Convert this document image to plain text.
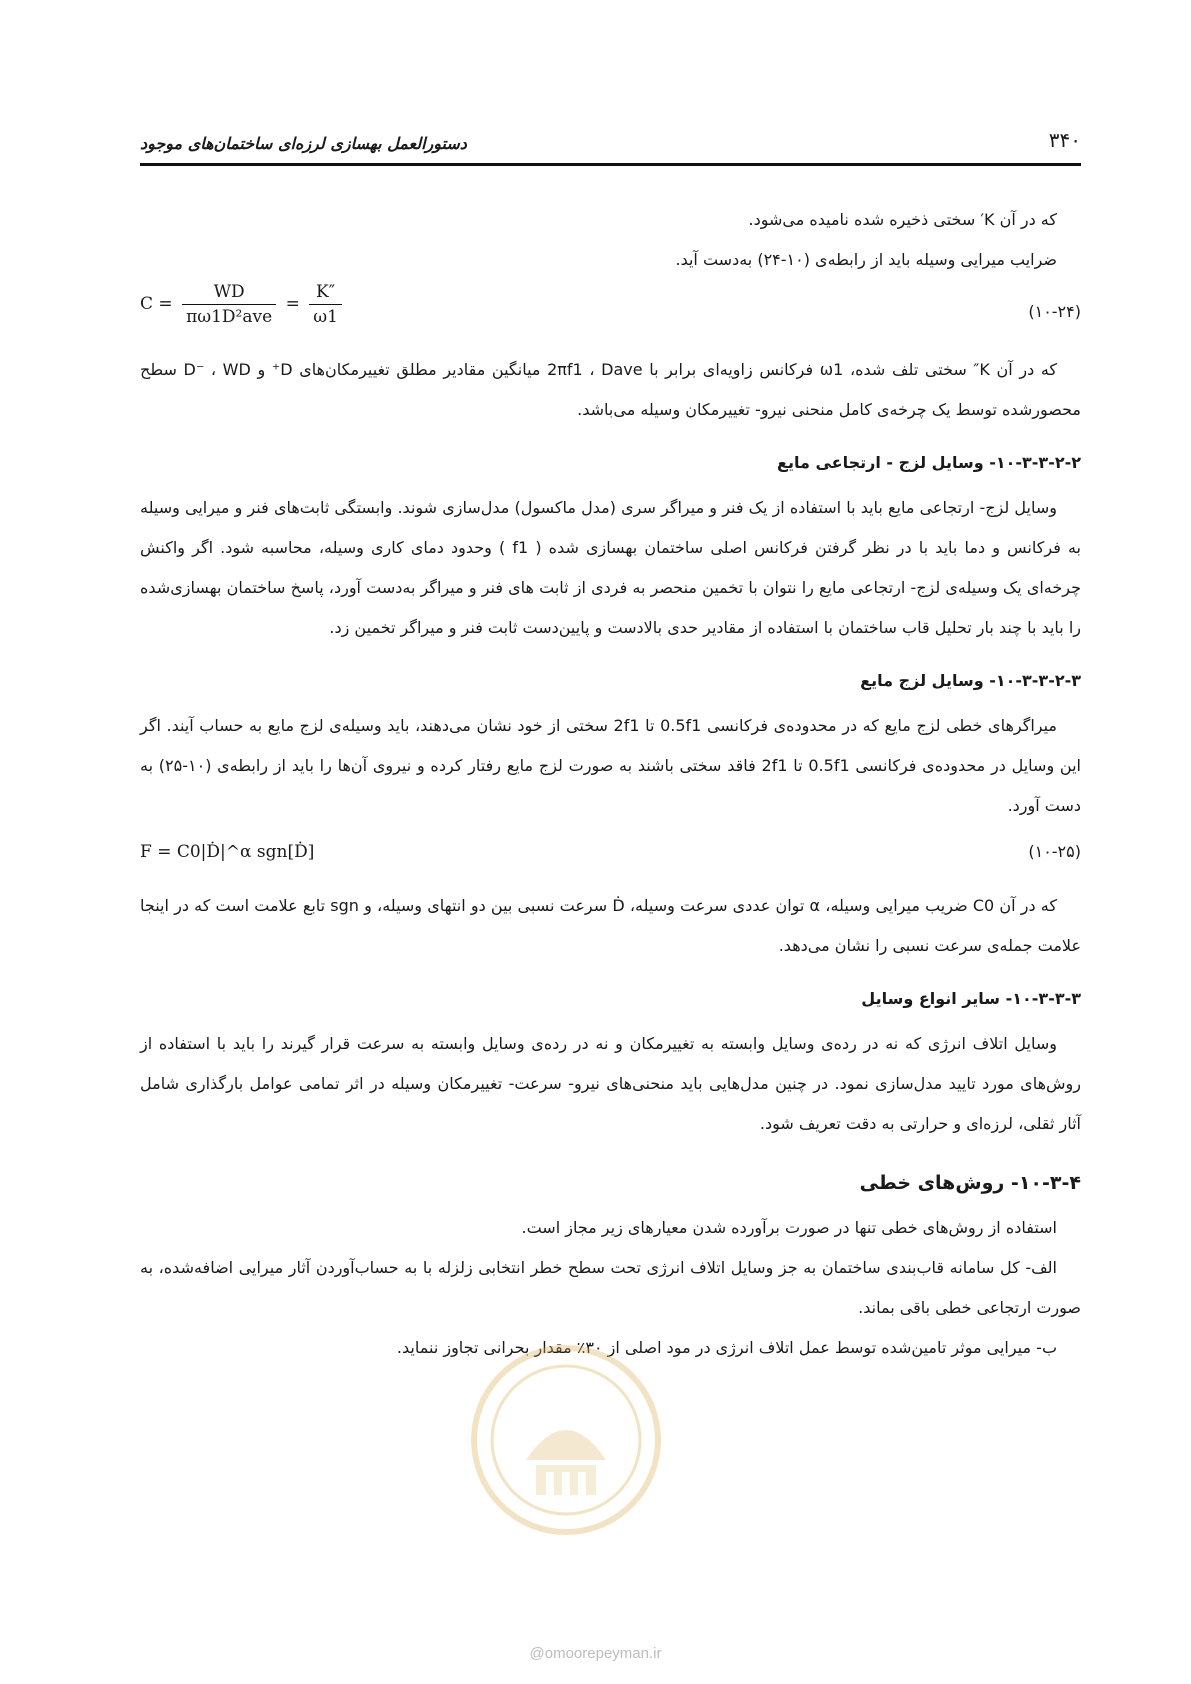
۳۴۰
دستورالعمل بهسازی لرزه‌ای ساختمان‌های موجود

که در آن K′ سختی ذخیره شده نامیده می‌شود.

ضرایب میرایی وسیله باید از رابطه‌ی (۱۰-۲۴) به‌دست آید.

(۱۰-۲۴)
$C = \frac{WD}{\text{πω1D²ave}} = \frac{K''}{\omega 1}$

که در آن K″ سختی تلف شده، ω1 فرکانس زاویه‌ای برابر با 2πf1 ، Dave میانگین مقادیر مطلق تغییرمکان‌های D⁺ و D⁻ ، WD سطح محصورشده توسط یک چرخه‌ی کامل منحنی نیرو- تغییرمکان وسیله می‌باشد.

۱۰-۳-۳-۲-۲- وسایل لزج - ارتجاعی مایع

وسایل لزج- ارتجاعی مایع باید با استفاده از یک فنر و میراگر سری (مدل ماکسول) مدل‌سازی شوند. وابستگی ثابت‌های فنر و میرایی وسیله به فرکانس و دما باید با در نظر گرفتن فرکانس اصلی ساختمان بهسازی شده ( f1 ) وحدود دمای کاری وسیله، محاسبه شود. اگر واکنش چرخه‌ای یک وسیله‌ی لزج- ارتجاعی مایع را نتوان با تخمین منحصر به فردی از ثابت های فنر و میراگر به‌دست آورد، پاسخ ساختمان بهسازی‌شده را باید با چند بار تحلیل قاب ساختمان با استفاده از مقادیر حدی بالادست و پایین‌دست ثابت فنر و میراگر تخمین زد.

۱۰-۳-۳-۲-۳- وسایل لزج مایع

میراگرهای خطی لزج مایع که در محدوده‌ی فرکانسی 0.5f1 تا 2f1 سختی از خود نشان می‌دهند، باید وسیله‌ی لزج مایع به حساب آیند. اگر این وسایل در محدوده‌ی فرکانسی 0.5f1 تا 2f1 فاقد سختی باشند به صورت لزج مایع رفتار کرده و نیروی آن‌ها را باید از رابطه‌ی (۱۰-۲۵) به دست آورد.

(۱۰-۲۵)
F = C0|Ḋ|^α sgn[Ḋ]

که در آن C0 ضریب میرایی وسیله، α توان عددی سرعت وسیله، Ḋ سرعت نسبی بین دو انتهای وسیله، و sgn تابع علامت است که در اینجا علامت جمله‌ی سرعت نسبی را نشان می‌دهد.

۱۰-۳-۳-۳- سایر انواع وسایل

وسایل اتلاف انرژی که نه در رده‌ی وسایل وابسته به تغییرمکان و نه در رده‌ی وسایل وابسته به سرعت قرار گیرند را باید با استفاده از روش‌های مورد تایید مدل‌سازی نمود. در چنین مدل‌هایی باید منحنی‌های نیرو- سرعت- تغییرمکان وسیله در اثر تمامی عوامل بارگذاری شامل آثار ثقلی، لرزه‌ای و حرارتی به دقت تعریف شود.

۱۰-۳-۴- روش‌های خطی

استفاده از روش‌های خطی تنها در صورت برآورده شدن معیارهای زیر مجاز است.

الف- کل سامانه قاب‌بندی ساختمان به جز وسایل اتلاف انرژی تحت سطح خطر انتخابی زلزله با به حساب‌آوردن آثار میرایی اضافه‌شده، به صورت ارتجاعی خطی باقی بماند.

ب- میرایی موثر تامین‌شده توسط عمل اتلاف انرژی در مود اصلی از ۳۰٪ مقدار بحرانی تجاوز ننماید.

@omoorepeyman.ir
